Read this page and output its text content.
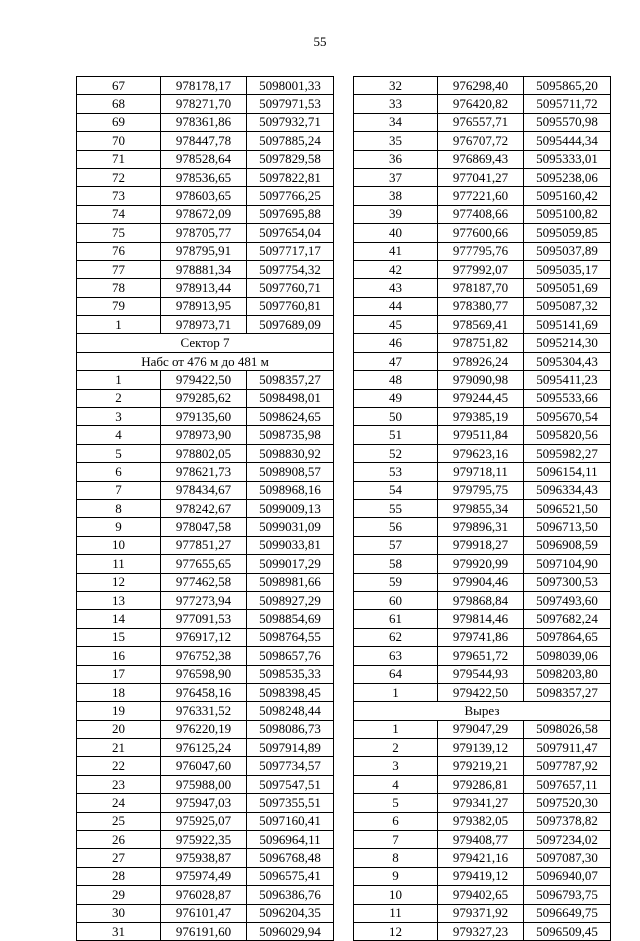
55
67	978178,17	5098001,33
68	978271,70	5097971,53
69	978361,86	5097932,71
70	978447,78	5097885,24
71	978528,64	5097829,58
72	978536,65	5097822,81
73	978603,65	5097766,25
74	978672,09	5097695,88
75	978705,77	5097654,04
76	978795,91	5097717,17
77	978881,34	5097754,32
78	978913,44	5097760,71
79	978913,95	5097760,81
1	978973,71	5097689,09
Сектор 7		
Набс от 476 м до 481 м		
1	979422,50	5098357,27
2	979285,62	5098498,01
3	979135,60	5098624,65
4	978973,90	5098735,98
5	978802,05	5098830,92
6	978621,73	5098908,57
7	978434,67	5098968,16
8	978242,67	5099009,13
9	978047,58	5099031,09
10	977851,27	5099033,81
11	977655,65	5099017,29
12	977462,58	5098981,66
13	977273,94	5098927,29
14	977091,53	5098854,69
15	976917,12	5098764,55
16	976752,38	5098657,76
17	976598,90	5098535,33
18	976458,16	5098398,45
19	976331,52	5098248,44
20	976220,19	5098086,73
21	976125,24	5097914,89
22	976047,60	5097734,57
23	975988,00	5097547,51
24	975947,03	5097355,51
25	975925,07	5097160,41
26	975922,35	5096964,11
27	975938,87	5096768,48
28	975974,49	5096575,41
29	976028,87	5096386,76
30	976101,47	5096204,35
31	976191,60	5096029,94
32	976298,40	5095865,20
33	976420,82	5095711,72
34	976557,71	5095570,98
35	976707,72	5095444,34
36	976869,43	5095333,01
37	977041,27	5095238,06
38	977221,60	5095160,42
39	977408,66	5095100,82
40	977600,66	5095059,85
41	977795,76	5095037,89
42	977992,07	5095035,17
43	978187,70	5095051,69
44	978380,77	5095087,32
45	978569,41	5095141,69
46	978751,82	5095214,30
47	978926,24	5095304,43
48	979090,98	5095411,23
49	979244,45	5095533,66
50	979385,19	5095670,54
51	979511,84	5095820,56
52	979623,16	5095982,27
53	979718,11	5096154,11
54	979795,75	5096334,43
55	979855,34	5096521,50
56	979896,31	5096713,50
57	979918,27	5096908,59
58	979920,99	5097104,90
59	979904,46	5097300,53
60	979868,84	5097493,60
61	979814,46	5097682,24
62	979741,86	5097864,65
63	979651,72	5098039,06
64	979544,93	5098203,80
1	979422,50	5098357,27
Вырез		
1	979047,29	5098026,58
2	979139,12	5097911,47
3	979219,21	5097787,92
4	979286,81	5097657,11
5	979341,27	5097520,30
6	979382,05	5097378,82
7	979408,77	5097234,02
8	979421,16	5097087,30
9	979419,12	5096940,07
10	979402,65	5096793,75
11	979371,92	5096649,75
12	979327,23	5096509,45
